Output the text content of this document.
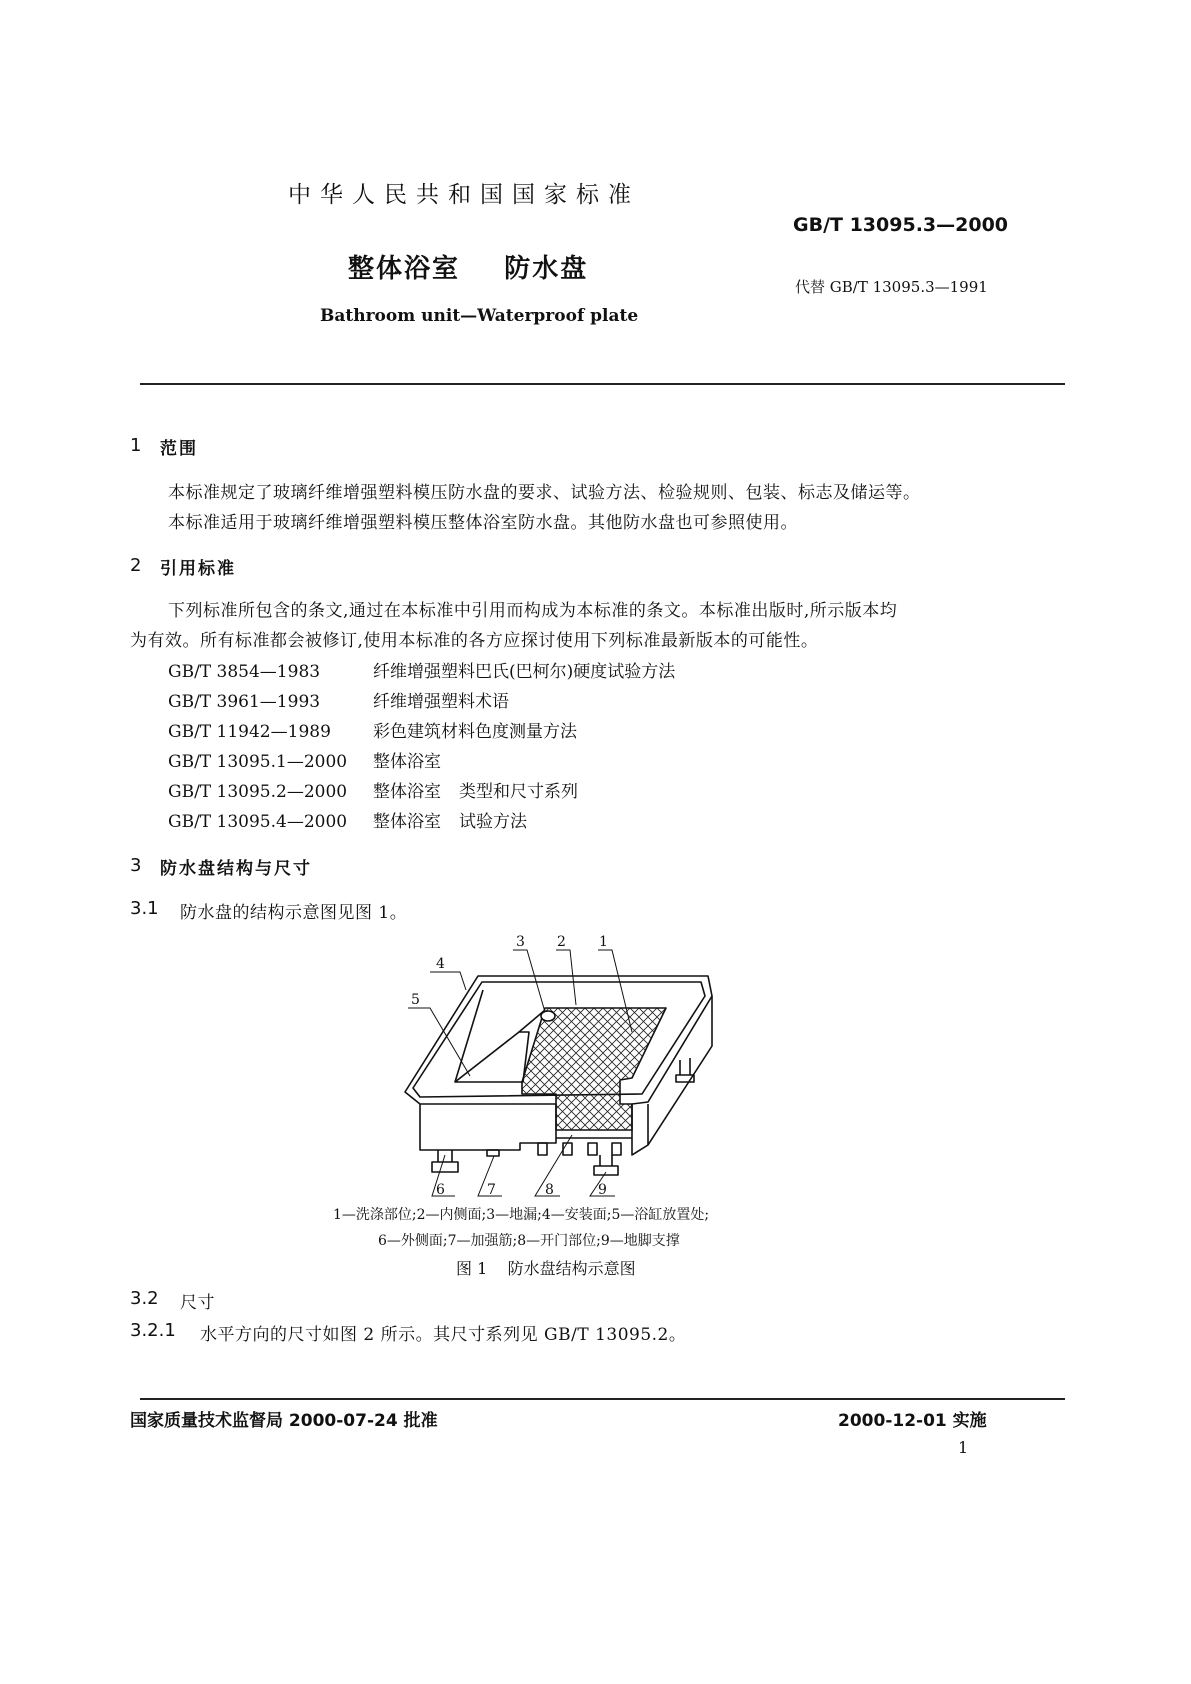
中华人民共和国国家标准
GB/T 13095.3—2000
整体浴室    防水盘
代替 GB/T 13095.3—1991
Bathroom unit—Waterproof plate
1 范围
本标准规定了玻璃纤维增强塑料模压防水盘的要求、试验方法、检验规则、包装、标志及储运等。
本标准适用于玻璃纤维增强塑料模压整体浴室防水盘。其他防水盘也可参照使用。
2 引用标准
下列标准所包含的条文,通过在本标准中引用而构成为本标准的条文。本标准出版时,所示版本均
为有效。所有标准都会被修订,使用本标准的各方应探讨使用下列标准最新版本的可能性。
GB/T 3854—1983	纤维增强塑料巴氏(巴柯尔)硬度试验方法
GB/T 3961—1993	纤维增强塑料术语
GB/T 11942—1989 彩色建筑材料色度测量方法
GB/T 13095.1—2000 整体浴室
GB/T 13095.2—2000 整体浴室 类型和尺寸系列
GB/T 13095.4—2000 整体浴室 试验方法
3 防水盘结构与尺寸
3.1 防水盘的结构示意图见图 1。
1
2
3
4
5
6	7	8	9
1—洗涤部位;2—内侧面;3—地漏;4—安装面;5—浴缸放置处;
6—外侧面;7—加强筋;8—开门部位;9—地脚支撑
图 1    防水盘结构示意图
3.2 尺寸
3.2.1 水平方向的尺寸如图 2 所示。其尺寸系列见 GB/T 13095.2。
国家质量技术监督局 2000-07-24 批准	2000-12-01 实施
1
